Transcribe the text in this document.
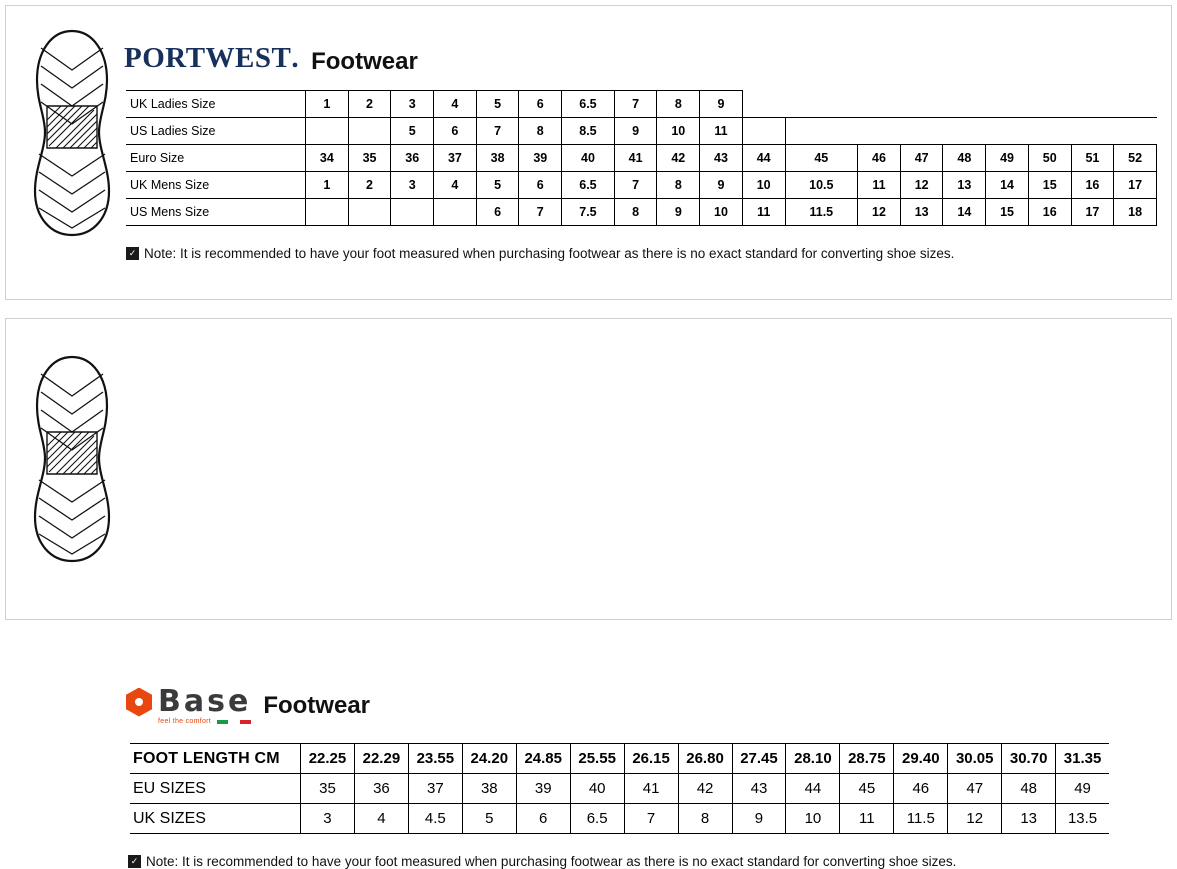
PORTWEST . Footwear
UK Ladies Size	1	2	3	4	5	6	6.5	7	8	9									
US Ladies Size			5	6	7	8	8.5	9	10	11									
Euro Size	34	35	36	37	38	39	40	41	42	43	44	45	46	47	48	49	50	51	52
UK Mens Size	1	2	3	4	5	6	6.5	7	8	9	10	10.5	11	12	13	14	15	16	17
US Mens Size					6	7	7.5	8	9	10	11	11.5	12	13	14	15	16	17	18
✓ Note: It is recommended to have your foot measured when purchasing footwear as there is no exact standard for converting shoe sizes.
Base Footwear
feel the comfort
FOOT LENGTH CM	22.25	22.29	23.55	24.20	24.85	25.55	26.15	26.80	27.45	28.10	28.75	29.40	30.05	30.70	31.35
EU SIZES	35	36	37	38	39	40	41	42	43	44	45	46	47	48	49
UK SIZES	3	4	4.5	5	6	6.5	7	8	9	10	11	11.5	12	13	13.5
✓ Note: It is recommended to have your foot measured when purchasing footwear as there is no exact standard for converting shoe sizes.
